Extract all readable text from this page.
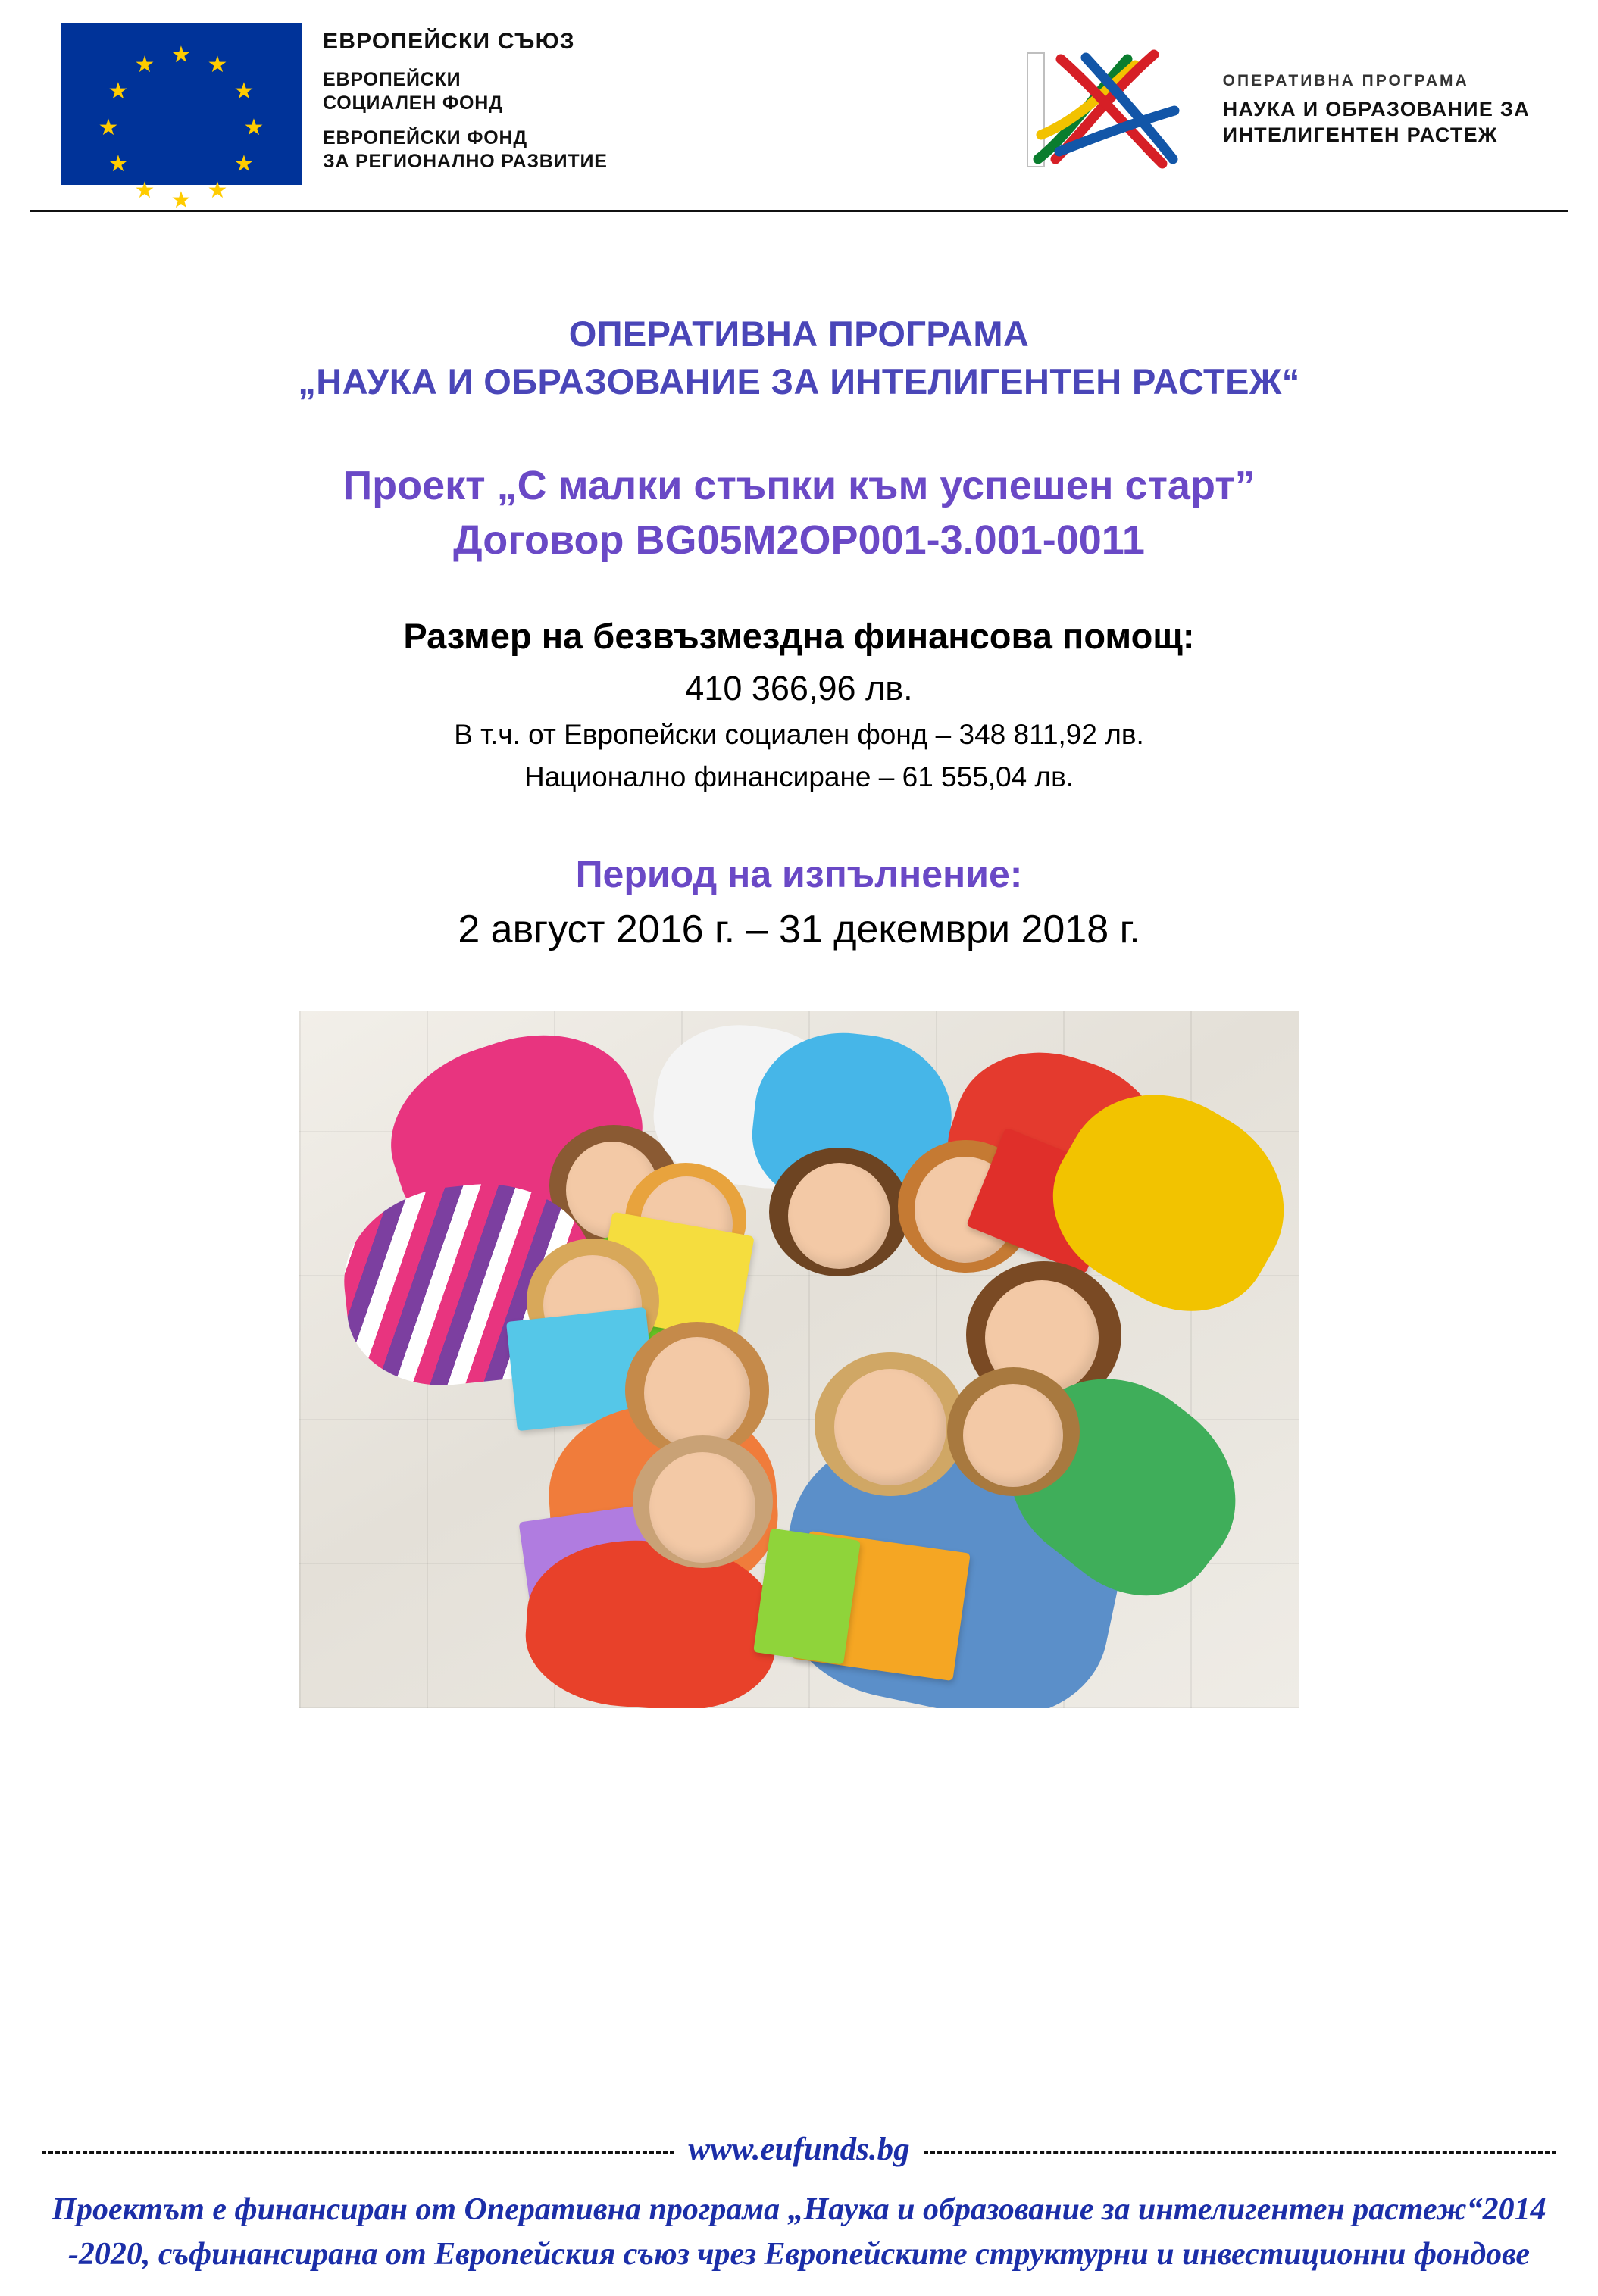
★ ★
★
★
★
★
★
★
★
★
★
★
ЕВРОПЕЙСКИ СЪЮЗ
ЕВРОПЕЙСКИ
СОЦИАЛЕН ФОНД
ЕВРОПЕЙСКИ ФОНД
ЗА РЕГИОНАЛНО РАЗВИТИЕ
ОПЕРАТИВНА ПРОГРАМА
НАУКА И ОБРАЗОВАНИЕ ЗА
ИНТЕЛИГЕНТЕН РАСТЕЖ
ОПЕРАТИВНА ПРОГРАМА
„НАУКА И ОБРАЗОВАНИЕ ЗА ИНТЕЛИГЕНТЕН РАСТЕЖ“
Проект „С малки стъпки към успешен старт”
Договор BG05M2OP001-3.001-0011
Размер на безвъзмездна финансова помощ:
410 366,96 лв.
В т.ч. от Европейски социален фонд – 348 811,92 лв.
Национално финансиране – 61 555,04 лв.
Период на изпълнение:
2 август 2016 г. – 31 декември 2018 г.
www.eufunds.bg
Проектът е финансиран от Оперативна програма „Наука и образование за интелигентен растеж“2014 -2020, съфинансирана от Европейския съюз чрез Европейските структурни и инвестиционни фондове
